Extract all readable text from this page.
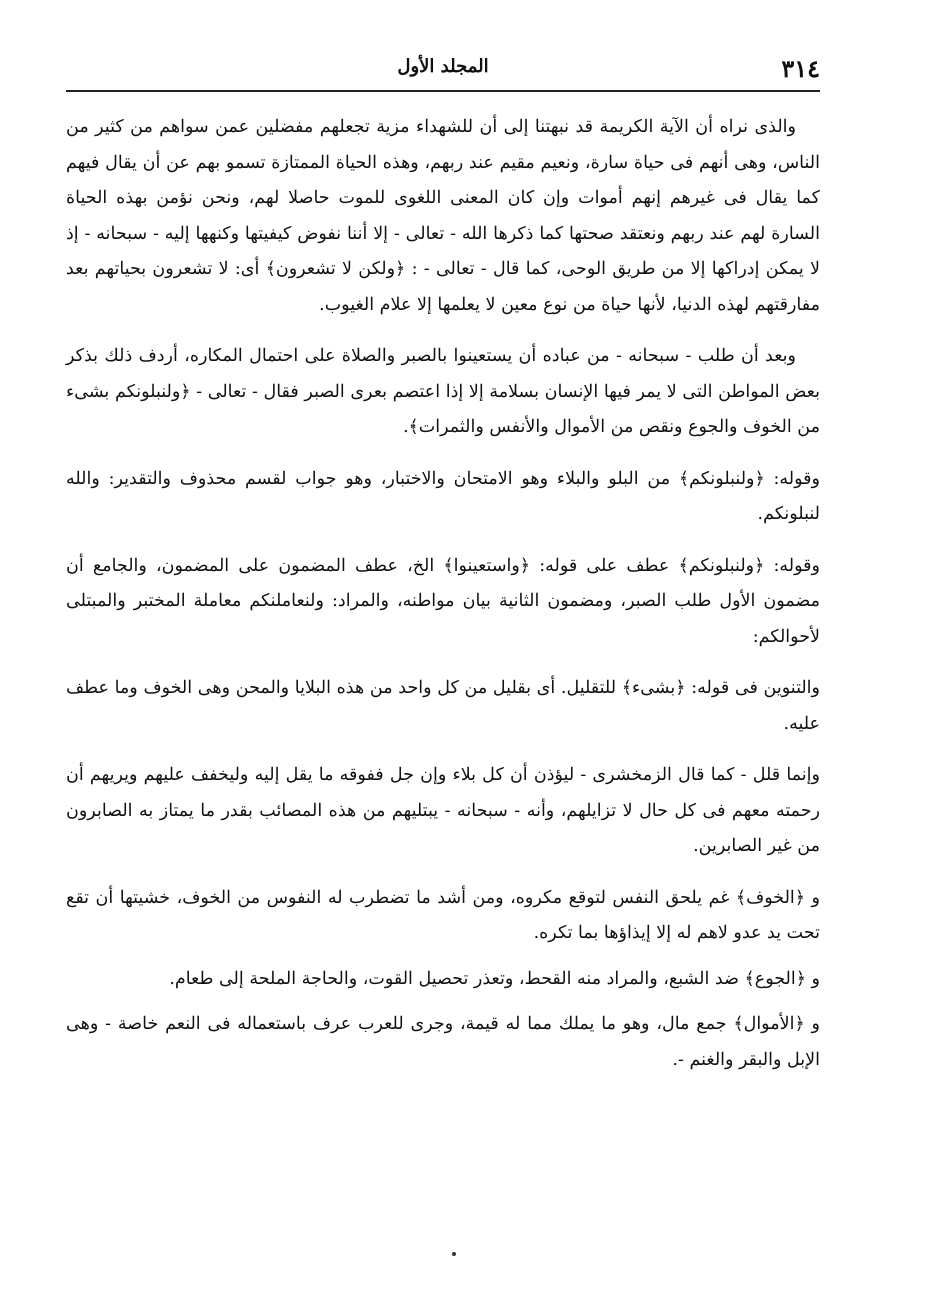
٣١٤
المجلد الأول

والذى نراه أن الآية الكريمة قد نبهتنا إلى أن للشهداء مزية تجعلهم مفضلين عمن سواهم من كثير من الناس، وهى أنهم فى حياة سارة، ونعيم مقيم عند ربهم، وهذه الحياة الممتازة تسمو بهم عن أن يقال فيهم كما يقال فى غيرهم إنهم أموات وإن كان المعنى اللغوى للموت حاصلا لهم، ونحن نؤمن بهذه الحياة السارة لهم عند ربهم ونعتقد صحتها كما ذكرها الله - تعالى - إلا أننا نفوض كيفيتها وكنهها إليه - سبحانه - إذ لا يمكن إدراكها إلا من طريق الوحى، كما قال - تعالى - : ﴿ولكن لا تشعرون﴾ أى: لا تشعرون بحياتهم بعد مفارقتهم لهذه الدنيا، لأنها حياة من نوع معين لا يعلمها إلا علام الغيوب.

وبعد أن طلب - سبحانه - من عباده أن يستعينوا بالصبر والصلاة على احتمال المكاره، أردف ذلك بذكر بعض المواطن التى لا يمر فيها الإنسان بسلامة إلا إذا اعتصم بعرى الصبر فقال - تعالى - ﴿ولنبلونكم بشىء من الخوف والجوع ونقص من الأموال والأنفس والثمرات﴾.

وقوله: ﴿ولنبلونكم﴾ من البلو والبلاء وهو الامتحان والاختبار، وهو جواب لقسم محذوف والتقدير: والله لنبلونكم.

وقوله: ﴿ولنبلونكم﴾ عطف على قوله: ﴿واستعينوا﴾ الخ، عطف المضمون على المضمون، والجامع أن مضمون الأول طلب الصبر، ومضمون الثانية بيان مواطنه، والمراد: ولنعاملنكم معاملة المختبر والمبتلى لأحوالكم:

والتنوين فى قوله: ﴿بشىء﴾ للتقليل. أى بقليل من كل واحد من هذه البلايا والمحن وهى الخوف وما عطف عليه.

وإنما قلل - كما قال الزمخشرى - ليؤذن أن كل بلاء وإن جل ففوقه ما يقل إليه وليخفف عليهم ويريهم أن رحمته معهم فى كل حال لا تزايلهم، وأنه - سبحانه - يبتليهم من هذه المصائب بقدر ما يمتاز به الصابرون من غير الصابرين.

و ﴿الخوف﴾ غم يلحق النفس لتوقع مكروه، ومن أشد ما تضطرب له النفوس من الخوف، خشيتها أن تقع تحت يد عدو لاهم له إلا إيذاؤها بما تكره.

و ﴿الجوع﴾ ضد الشبع، والمراد منه القحط، وتعذر تحصيل القوت، والحاجة الملحة إلى طعام.

و ﴿الأموال﴾ جمع مال، وهو ما يملك مما له قيمة، وجرى للعرب عرف باستعماله فى النعم خاصة - وهى الإبل والبقر والغنم -.
